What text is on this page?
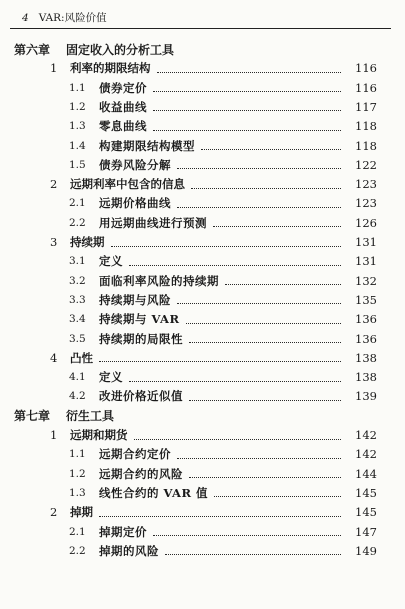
4 VAR:风险价值
第六章	固定收入的分析工具
1	利率的期限结构	116
1.1	债券定价	116
1.2	收益曲线	117
1.3	零息曲线	118
1.4	构建期限结构模型	118
1.5	债券风险分解	122
2	远期利率中包含的信息	123
2.1	远期价格曲线	123
2.2	用远期曲线进行预测	126
3	持续期	131
3.1	定义	131
3.2	面临利率风险的持续期	132
3.3	持续期与风险	135
3.4	持续期与 VAR	136
3.5	持续期的局限性	136
4	凸性	138
4.1	定义	138
4.2	改进价格近似值	139
第七章	衍生工具
1	远期和期货	142
1.1	远期合约定价	142
1.2	远期合约的风险	144
1.3	线性合约的 VAR 值	145
2	掉期	145
2.1	掉期定价	147
2.2	掉期的风险	149
